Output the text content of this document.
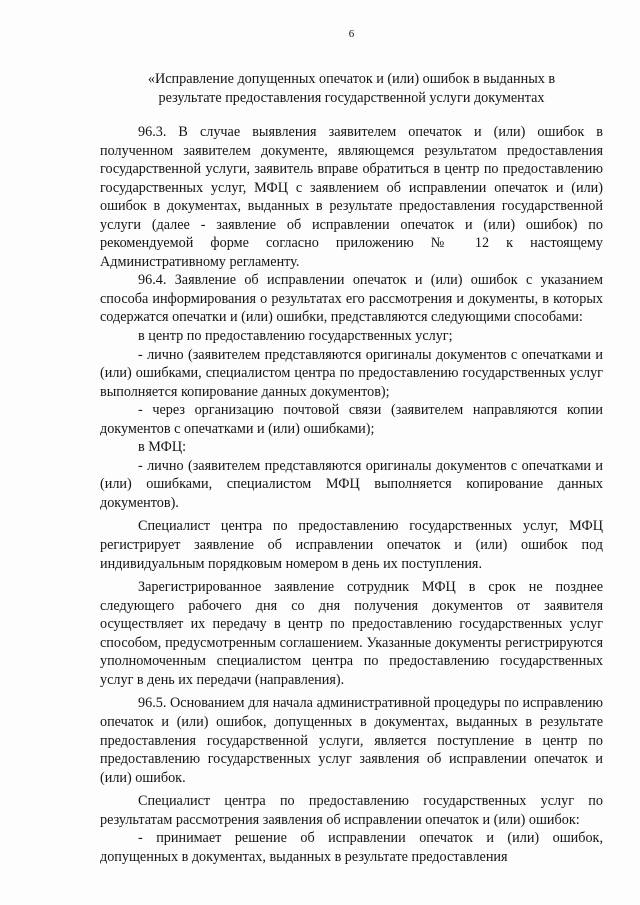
6
«Исправление допущенных опечаток и (или) ошибок в выданных в
результате предоставления государственной услуги документах

96.3. В случае выявления заявителем опечаток и (или) ошибок в полученном заявителем документе, являющемся результатом предоставления государственной услуги, заявитель вправе обратиться в центр по предоставлению государственных услуг, МФЦ с заявлением об исправлении опечаток и (или) ошибок в документах, выданных в результате предоставления государственной услуги (далее - заявление об исправлении опечаток и (или) ошибок) по рекомендуемой форме согласно приложению № 12 к настоящему Административному регламенту.

96.4. Заявление об исправлении опечаток и (или) ошибок с указанием способа информирования о результатах его рассмотрения и документы, в которых содержатся опечатки и (или) ошибки, представляются следующими способами:

в центр по предоставлению государственных услуг;

- лично (заявителем представляются оригиналы документов с опечатками и (или) ошибками, специалистом центра по предоставлению государственных услуг выполняется копирование данных документов);

- через организацию почтовой связи (заявителем направляются копии документов с опечатками и (или) ошибками);

в МФЦ:

- лично (заявителем представляются оригиналы документов с опечатками и (или) ошибками, специалистом МФЦ выполняется копирование данных документов).

Специалист центра по предоставлению государственных услуг, МФЦ регистрирует заявление об исправлении опечаток и (или) ошибок под индивидуальным порядковым номером в день их поступления.

Зарегистрированное заявление сотрудник МФЦ в срок не позднее следующего рабочего дня со дня получения документов от заявителя осуществляет их передачу в центр по предоставлению государственных услуг способом, предусмотренным соглашением. Указанные документы регистрируются уполномоченным специалистом центра по предоставлению государственных услуг в день их передачи (направления).

96.5. Основанием для начала административной процедуры по исправлению опечаток и (или) ошибок, допущенных в документах, выданных в результате предоставления государственной услуги, является поступление в центр по предоставлению государственных услуг заявления об исправлении опечаток и (или) ошибок.

Специалист центра по предоставлению государственных услуг по результатам рассмотрения заявления об исправлении опечаток и (или) ошибок:

- принимает решение об исправлении опечаток и (или) ошибок, допущенных в документах, выданных в результате предоставления
